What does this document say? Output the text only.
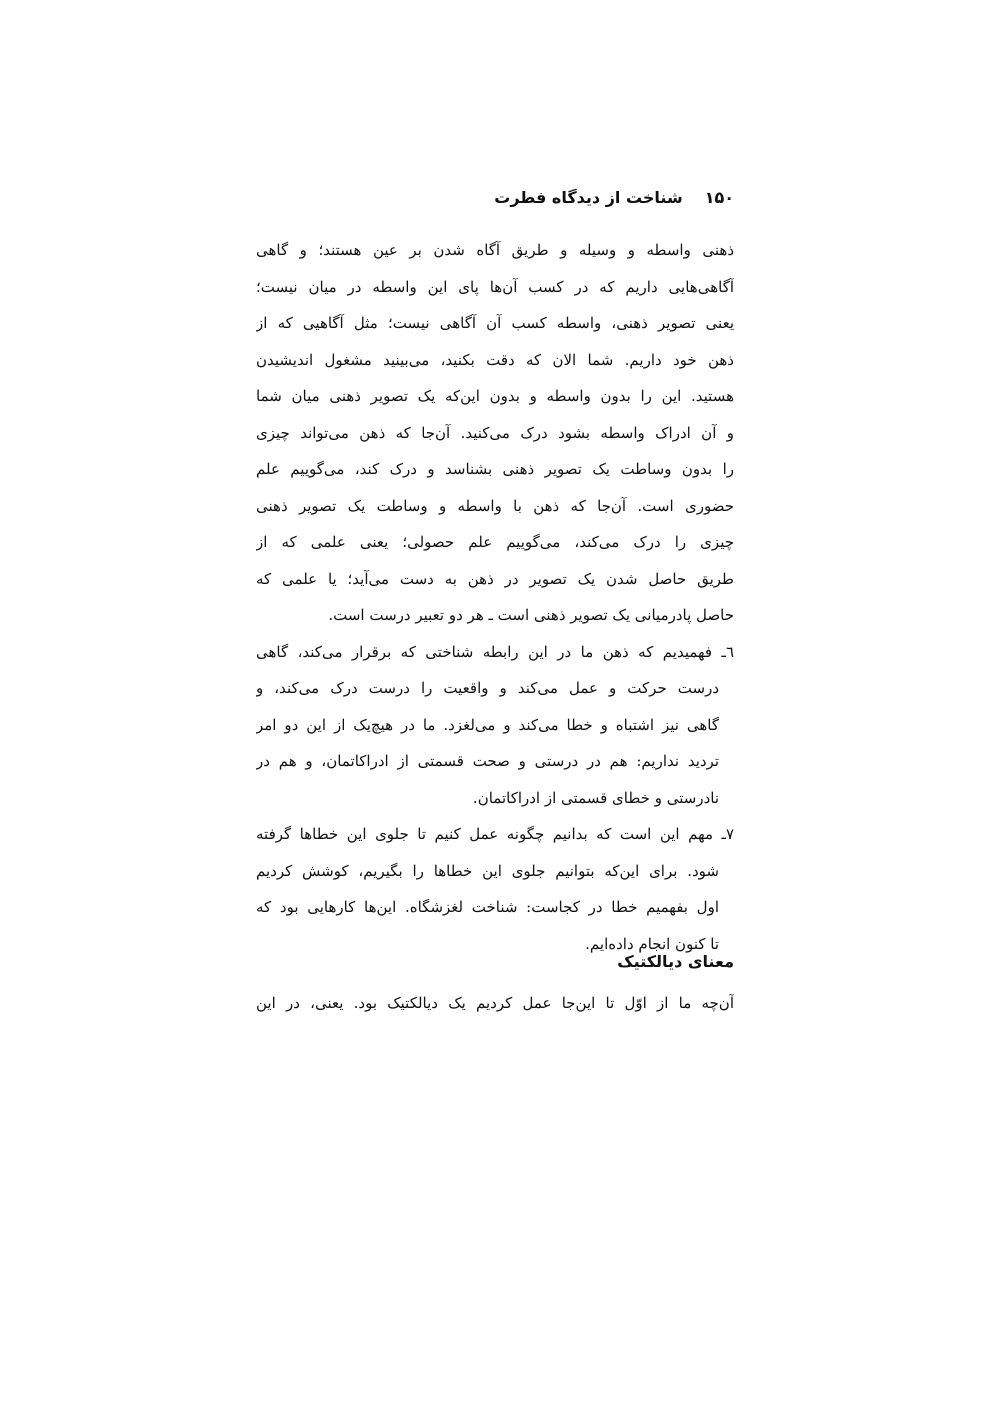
۱۵۰
شناخت از دیدگاه فطرت
ذهنی واسطه و وسیله و طریق آگاه شدن بر عین هستند؛ و گاهی
آگاهی‌هایی داریم که در کسب آن‌ها پای این واسطه در میان نیست؛
یعنی تصویر ذهنی، واسطه کسب آن آگاهی نیست؛ مثل آگاهیی که از
ذهن خود داریم. شما الان که دقت بکنید، می‌بینید مشغول اندیشیدن
هستید. این را بدون واسطه و بدون این‌که یک تصویر ذهنی میان شما
و آن ادراک واسطه بشود درک می‌کنید. آن‌جا که ذهن می‌تواند چیزی
را بدون وساطت یک تصویر ذهنی بشناسد و درک کند، می‌گوییم علم
حضوری است. آن‌جا که ذهن با واسطه و وساطت یک تصویر ذهنی
چیزی را درک می‌کند، می‌گوییم علم حصولی؛ یعنی علمی که از
طریق حاصل شدن یک تصویر در ذهن به دست می‌آید؛ یا علمی که
حاصل پادرمیانی یک تصویر ذهنی است ـ هر دو تعبیر درست است.
٦ـ فهمیدیم که ذهن ما در این رابطه شناختی که برقرار می‌کند، گاهی
درست حرکت و عمل می‌کند و واقعیت را درست درک می‌کند، و
گاهی نیز اشتباه و خطا می‌کند و می‌لغزد. ما در هیچ‌یک از این دو امر
تردید نداریم: هم در درستی و صحت قسمتی از ادراکاتمان، و هم در
نادرستی و خطای قسمتی از ادراکاتمان.
۷ـ مهم این است که بدانیم چگونه عمل کنیم تا جلوی این خطاها گرفته
شود. برای این‌که بتوانیم جلوی این خطاها را بگیریم، کوشش کردیم
اول بفهمیم خطا در کجاست: شناخت لغزشگاه. این‌ها کارهایی بود که
تا کنون انجام داده‌ایم.
معنای دیالکتیک
آن‌چه ما از اوّل تا این‌جا عمل کردیم یک دیالکتیک بود. یعنی، در این
